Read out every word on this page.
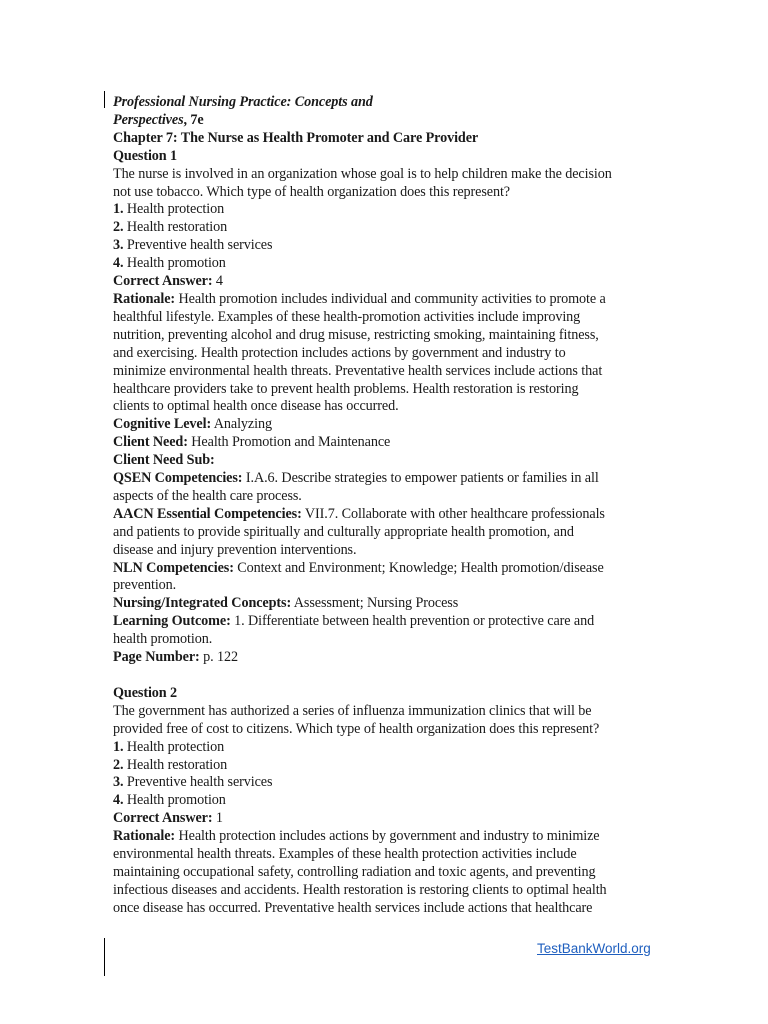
Professional Nursing Practice: Concepts and
Perspectives, 7e
Chapter 7: The Nurse as Health Promoter and Care Provider
Question 1
The nurse is involved in an organization whose goal is to help children make the decision
not use tobacco. Which type of health organization does this represent?
1. Health protection
2. Health restoration
3. Preventive health services
4. Health promotion
Correct Answer: 4
Rationale: Health promotion includes individual and community activities to promote a
healthful lifestyle. Examples of these health-promotion activities include improving
nutrition, preventing alcohol and drug misuse, restricting smoking, maintaining fitness,
and exercising. Health protection includes actions by government and industry to
minimize environmental health threats. Preventative health services include actions that
healthcare providers take to prevent health problems. Health restoration is restoring
clients to optimal health once disease has occurred.
Cognitive Level: Analyzing
Client Need: Health Promotion and Maintenance
Client Need Sub:
QSEN Competencies: I.A.6. Describe strategies to empower patients or families in all
aspects of the health care process.
AACN Essential Competencies: VII.7. Collaborate with other healthcare professionals
and patients to provide spiritually and culturally appropriate health promotion, and
disease and injury prevention interventions.
NLN Competencies: Context and Environment; Knowledge; Health promotion/disease
prevention.
Nursing/Integrated Concepts: Assessment; Nursing Process
Learning Outcome: 1. Differentiate between health prevention or protective care and
health promotion.
Page Number: p. 122
Question 2
The government has authorized a series of influenza immunization clinics that will be
provided free of cost to citizens. Which type of health organization does this represent?
1. Health protection
2. Health restoration
3. Preventive health services
4. Health promotion
Correct Answer: 1
Rationale: Health protection includes actions by government and industry to minimize
environmental health threats. Examples of these health protection activities include
maintaining occupational safety, controlling radiation and toxic agents, and preventing
infectious diseases and accidents. Health restoration is restoring clients to optimal health
once disease has occurred. Preventative health services include actions that healthcare
TestBankWorld.org
